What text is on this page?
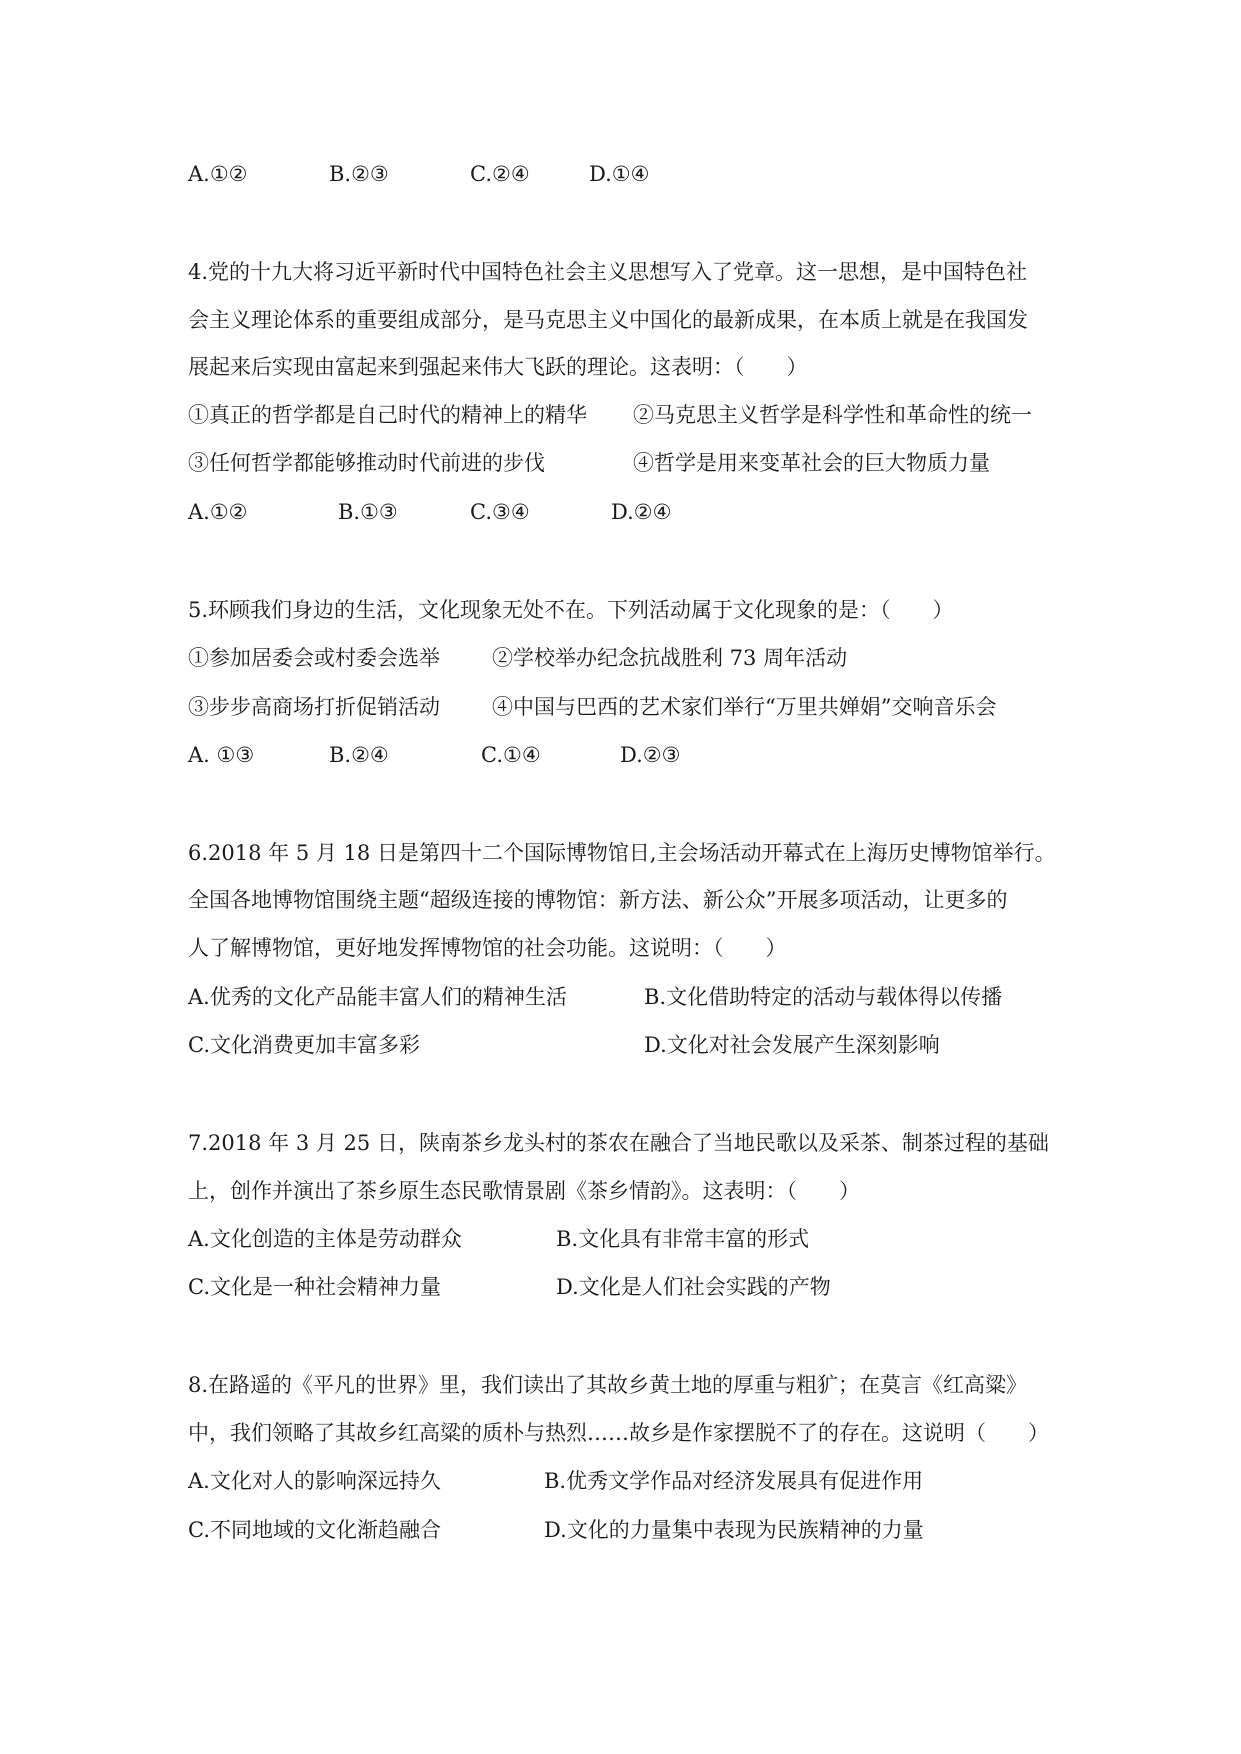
A.①②	B.②③	C.②④	D.①④
4.党的十九大将习近平新时代中国特色社会主义思想写入了党章。这一思想，是中国特色社
会主义理论体系的重要组成部分，是马克思主义中国化的最新成果，在本质上就是在我国发
展起来后实现由富起来到强起来伟大飞跃的理论。这表明：（　　）
①真正的哲学都是自己时代的精神上的精华 ②马克思主义哲学是科学性和革命性的统一
③任何哲学都能够推动时代前进的步伐	④哲学是用来变革社会的巨大物质力量
A.①②	B.①③	C.③④	D.②④
5.环顾我们身边的生活，文化现象无处不在。下列活动属于文化现象的是：（　　）
①参加居委会或村委会选举 ②学校举办纪念抗战胜利 73 周年活动
③步步高商场打折促销活动 ④中国与巴西的艺术家们举行“万里共婵娟”交响音乐会
A. ①③	B.②④	C.①④	D.②③
6.2018 年 5 月 18 日是第四十二个国际博物馆日,主会场活动开幕式在上海历史博物馆举行。
全国各地博物馆围绕主题“超级连接的博物馆：新方法、新公众”开展多项活动，让更多的
人了解博物馆，更好地发挥博物馆的社会功能。这说明：（　　）
A.优秀的文化产品能丰富人们的精神生活	B.文化借助特定的活动与载体得以传播
C.文化消费更加丰富多彩	D.文化对社会发展产生深刻影响
7.2018 年 3 月 25 日，陕南茶乡龙头村的茶农在融合了当地民歌以及采茶、制茶过程的基础
上，创作并演出了茶乡原生态民歌情景剧《茶乡情韵》。这表明：（　　）
A.文化创造的主体是劳动群众	B.文化具有非常丰富的形式
C.文化是一种社会精神力量	D.文化是人们社会实践的产物
8.在路遥的《平凡的世界》里，我们读出了其故乡黄土地的厚重与粗犷；在莫言《红高粱》
中，我们领略了其故乡红高粱的质朴与热烈……故乡是作家摆脱不了的存在。这说明（　　）
A.文化对人的影响深远持久	B.优秀文学作品对经济发展具有促进作用
C.不同地域的文化渐趋融合	D.文化的力量集中表现为民族精神的力量
